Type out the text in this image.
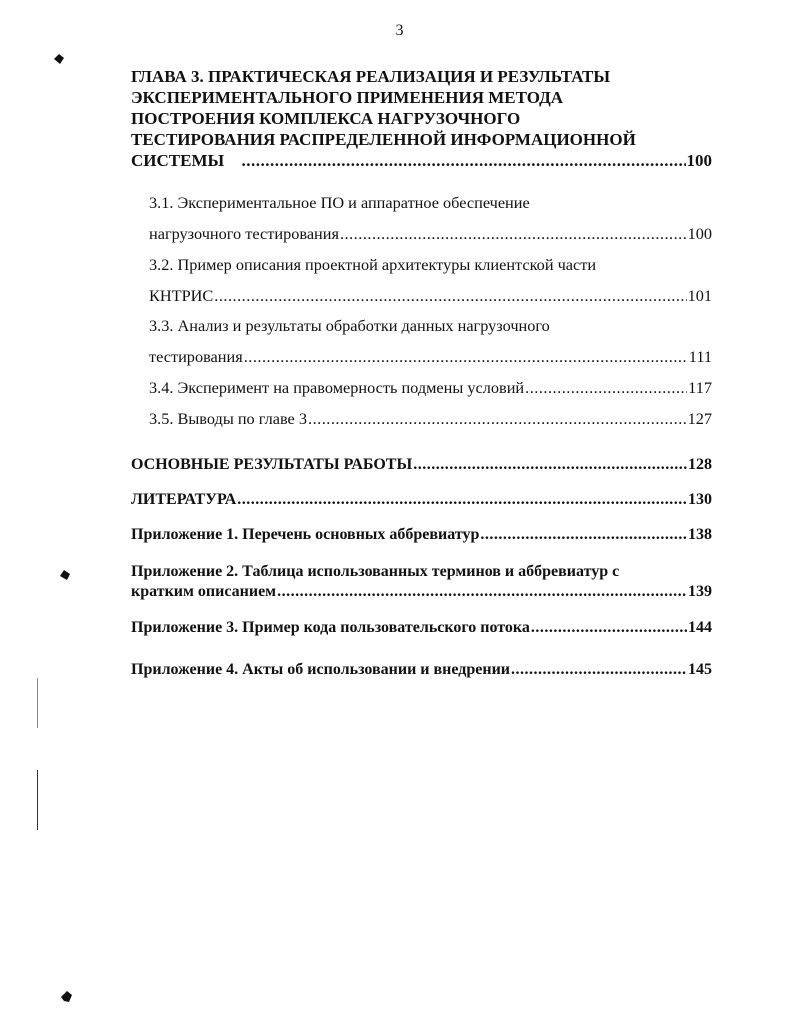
3
ГЛАВА 3. ПРАКТИЧЕСКАЯ РЕАЛИЗАЦИЯ И РЕЗУЛЬТАТЫ
ЭКСПЕРИМЕНТАЛЬНОГО ПРИМЕНЕНИЯ МЕТОДА
ПОСТРОЕНИЯ КОМПЛЕКСА НАГРУЗОЧНОГО
ТЕСТИРОВАНИЯ РАСПРЕДЕЛЕННОЙ ИНФОРМАЦИОННОЙ
СИСТЕМЫ .....	100
3.1. Экспериментальное ПО и аппаратное обеспечение
нагрузочного тестирования .....	100
3.2. Пример описания проектной архитектуры клиентской части
КНТРИС .....	101
3.3. Анализ и результаты обработки данных нагрузочного
тестирования .....	111
3.4. Эксперимент на правомерность подмены условий .....	117
3.5. Выводы по главе 3 .....	127
ОСНОВНЫЕ РЕЗУЛЬТАТЫ РАБОТЫ .....	128
ЛИТЕРАТУРА .....	130
Приложение 1. Перечень основных аббревиатур .....	138
Приложение 2. Таблица использованных терминов и аббревиатур с
кратким описанием .....	139
Приложение 3. Пример кода пользовательского потока .....	144
Приложение 4. Акты об использовании и внедрении .....	145
